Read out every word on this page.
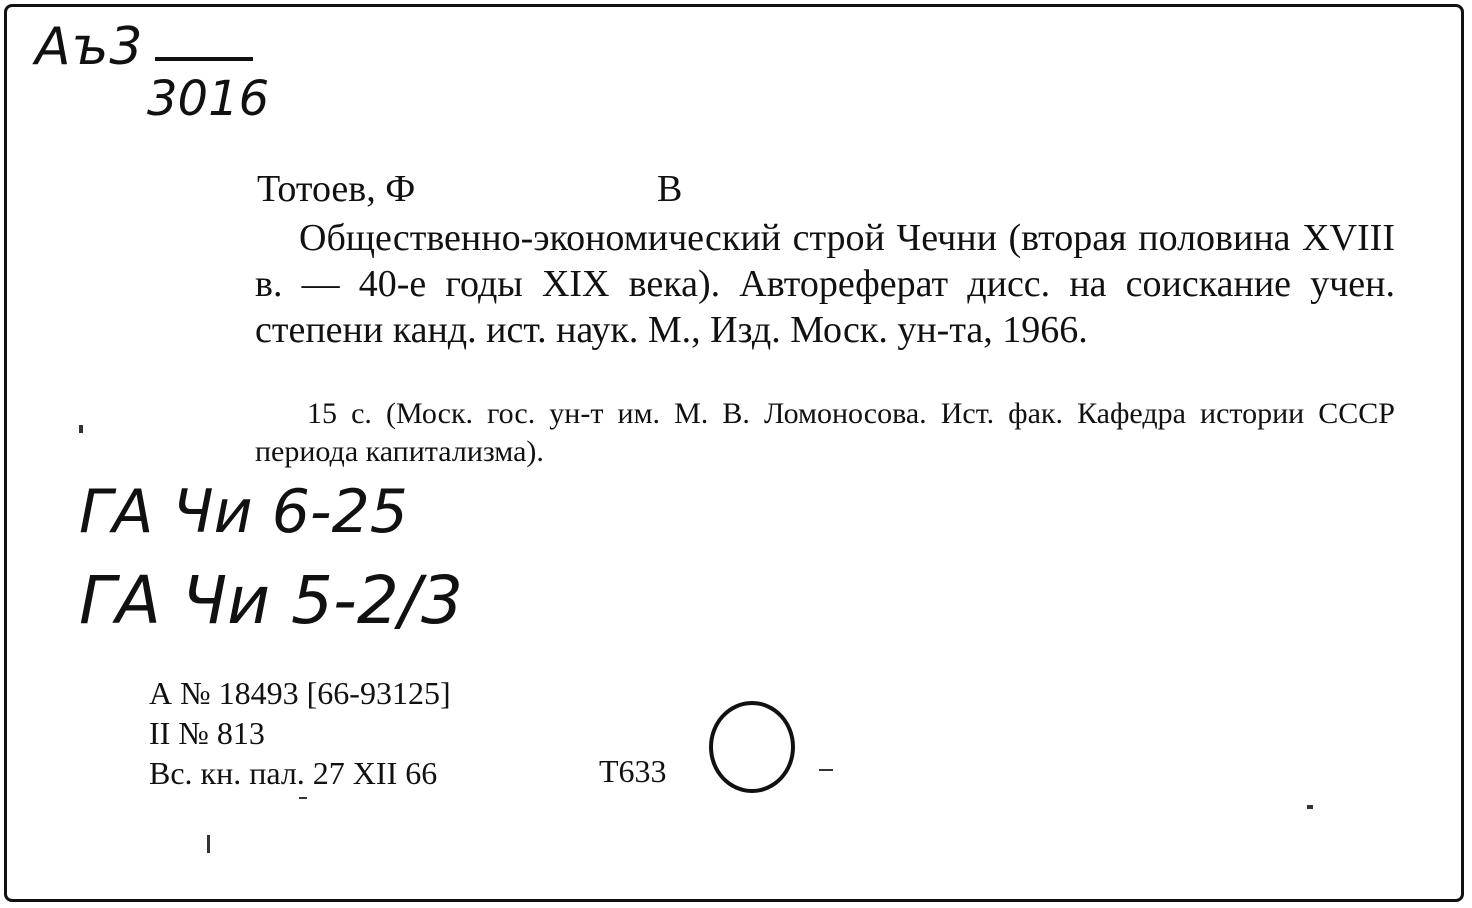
Аъ3
3016
Тотоев, Ф	В
Общественно-экономический строй Чечни (вторая половина XVIII в. — 40-е годы XIX века). Автореферат дисс. на соискание учен. степени канд. ист. наук. М., Изд. Моск. ун-та, 1966.
15 с. (Моск. гос. ун-т им. М. В. Ломоносова. Ист. фак. Кафедра истории СССР периода капитализма).
ГА Чи 6-25
ГА Чи 5-2/3
А № 18493 [66-93125]
II № 813
Вс. кн. пал. 27 XII 66	Т633
